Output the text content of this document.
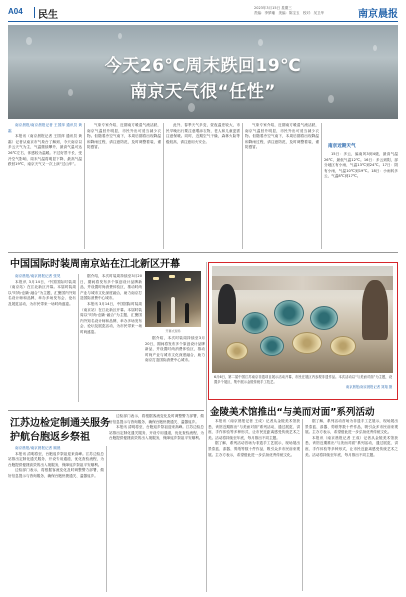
A04 民生
2023年3月15日 星期三
责编：李梦璠　美编：陈宝玉　校对：吴卫华	南京晨报
今天26℃周末跌回19℃
南京天气很“任性”

南京晨报/南京晨报记者 王国萍 通讯员 黄霜

本报讯（南京晨报记者 王国萍 通讯员 黄霜）记者从南京市气象台了解到，今天南京以多云天气为主，气温继续攀升，最高气温可达26℃左右，体感较为温暖。不过好景不长，受冷空气影响，周末气温将明显下降，最高气温跌回19℃，南京天气又一次上演“过山车”。

气象专家介绍，近期南方暖湿气流活跃，南京气温回升明显，市民外出可适当减少衣物。但随着冷空气南下，本周后期将出现降温和降雨过程，请注意防范，及时调整着装，谨防感冒。

此外，春季天气多变，昼夜温差较大，市民早晚出行要注意增添衣物，老人和儿童更需注意保暖。同时，近期空气干燥，森林火险等级较高，请注意用火安全。

气象专家介绍，近期南方暖湿气流活跃，南京气温回升明显，市民外出可适当减少衣物。但随着冷空气南下，本周后期将出现降温和降雨过程，请注意防范，及时调整着装，谨防感冒。	南京近期天气

15日：多云，偏南风3到4级，最高气温26℃，最低气温12℃。16日：多云到阴，部分地区有小雨，气温13℃到24℃。17日：阴有小雨，气温10℃到19℃。18日：小雨转多云，气温8℃到17℃。

中国国际时装周南京站在江北新区开幕

南京晨报/南京晨报记者 张昊

本报讯 3月14日，中国国际时装周（南京站）在江北新区开幕。本届时装周以“时尚·创新·融合”为主题，汇聚国内外知名设计师和品牌，举办多场发布会、论坛及展览活动，为市民带来一场时尚盛宴。

据介绍，本次时装周持续至3月20日，期间将发布多个原创设计品牌新品，并设置时尚消费体验区，推动时尚产业与城市文化深度融合，助力南京打造国际消费中心城市。

本报讯 3月14日，中国国际时装周（南京站）在江北新区开幕。本届时装周以“时尚·创新·融合”为主题，汇聚国内外知名设计师和品牌，举办多场发布会、论坛及展览活动，为市民带来一场时尚盛宴。	开幕式现场

据介绍，本次时装周持续至3月20日，期间将发布多个原创设计品牌新品，并设置时尚消费体验区，推动时尚产业与城市文化深度融合，助力南京打造国际消费中心城市。

6月6日，第二届中国江苏南京非遗项目展示活动开幕，市民在展区内参观非遗作品。本次活动以“与美而对面”为主题，设置多个展区，集中展示金陵传统手工技艺。
南京晨报/南京晨报记者 刘翔 摄
金陵美术馆推出“与美而对面”系列活动

本报讯（南京晨报记者 王成）记者从金陵美术馆获悉，该馆近期推出“与美而对面”系列活动，通过展览、讲座、手作体验等多种形式，让市民近距离感受传统艺术之美。活动将持续至年底，每月推出不同主题。

据了解，系列活动首场为非遗手工艺展示，现场展出景泰蓝、漆器、剪纸等数十件作品，吸引众多市民前来观展。主办方表示，希望借此进一步弘扬优秀传统文化。

据了解，系列活动首场为非遗手工艺展示，现场展出景泰蓝、漆器、剪纸等数十件作品，吸引众多市民前来观展。主办方表示，希望借此进一步弘扬优秀传统文化。

本报讯（南京晨报记者 王成）记者从金陵美术馆获悉，该馆近期推出“与美而对面”系列活动，通过展览、讲座、手作体验等多种形式，让市民近距离感受传统艺术之美。活动将持续至年底，每月推出不同主题。

江苏边检定制通关服务
护航台胞返乡祭祖

南京晨报/南京晨报记者 顾晨

本报讯 清明将至，台胞返乡祭祖迎来高峰。江苏边检总站推出定制化通关服务，开设专用通道，优化查验流程，为台胞提供便捷高效的出入境服务，保障返乡祭祖平安顺利。

边检部门表示，将根据客流变化及时调整警力部署，做好信息提示与咨询服务，确保台胞快捷通关、温馨返乡。

边检部门表示，将根据客流变化及时调整警力部署，做好信息提示与咨询服务，确保台胞快捷通关、温馨返乡。

本报讯 清明将至，台胞返乡祭祖迎来高峰。江苏边检总站推出定制化通关服务，开设专用通道，优化查验流程，为台胞提供便捷高效的出入境服务，保障返乡祭祖平安顺利。
